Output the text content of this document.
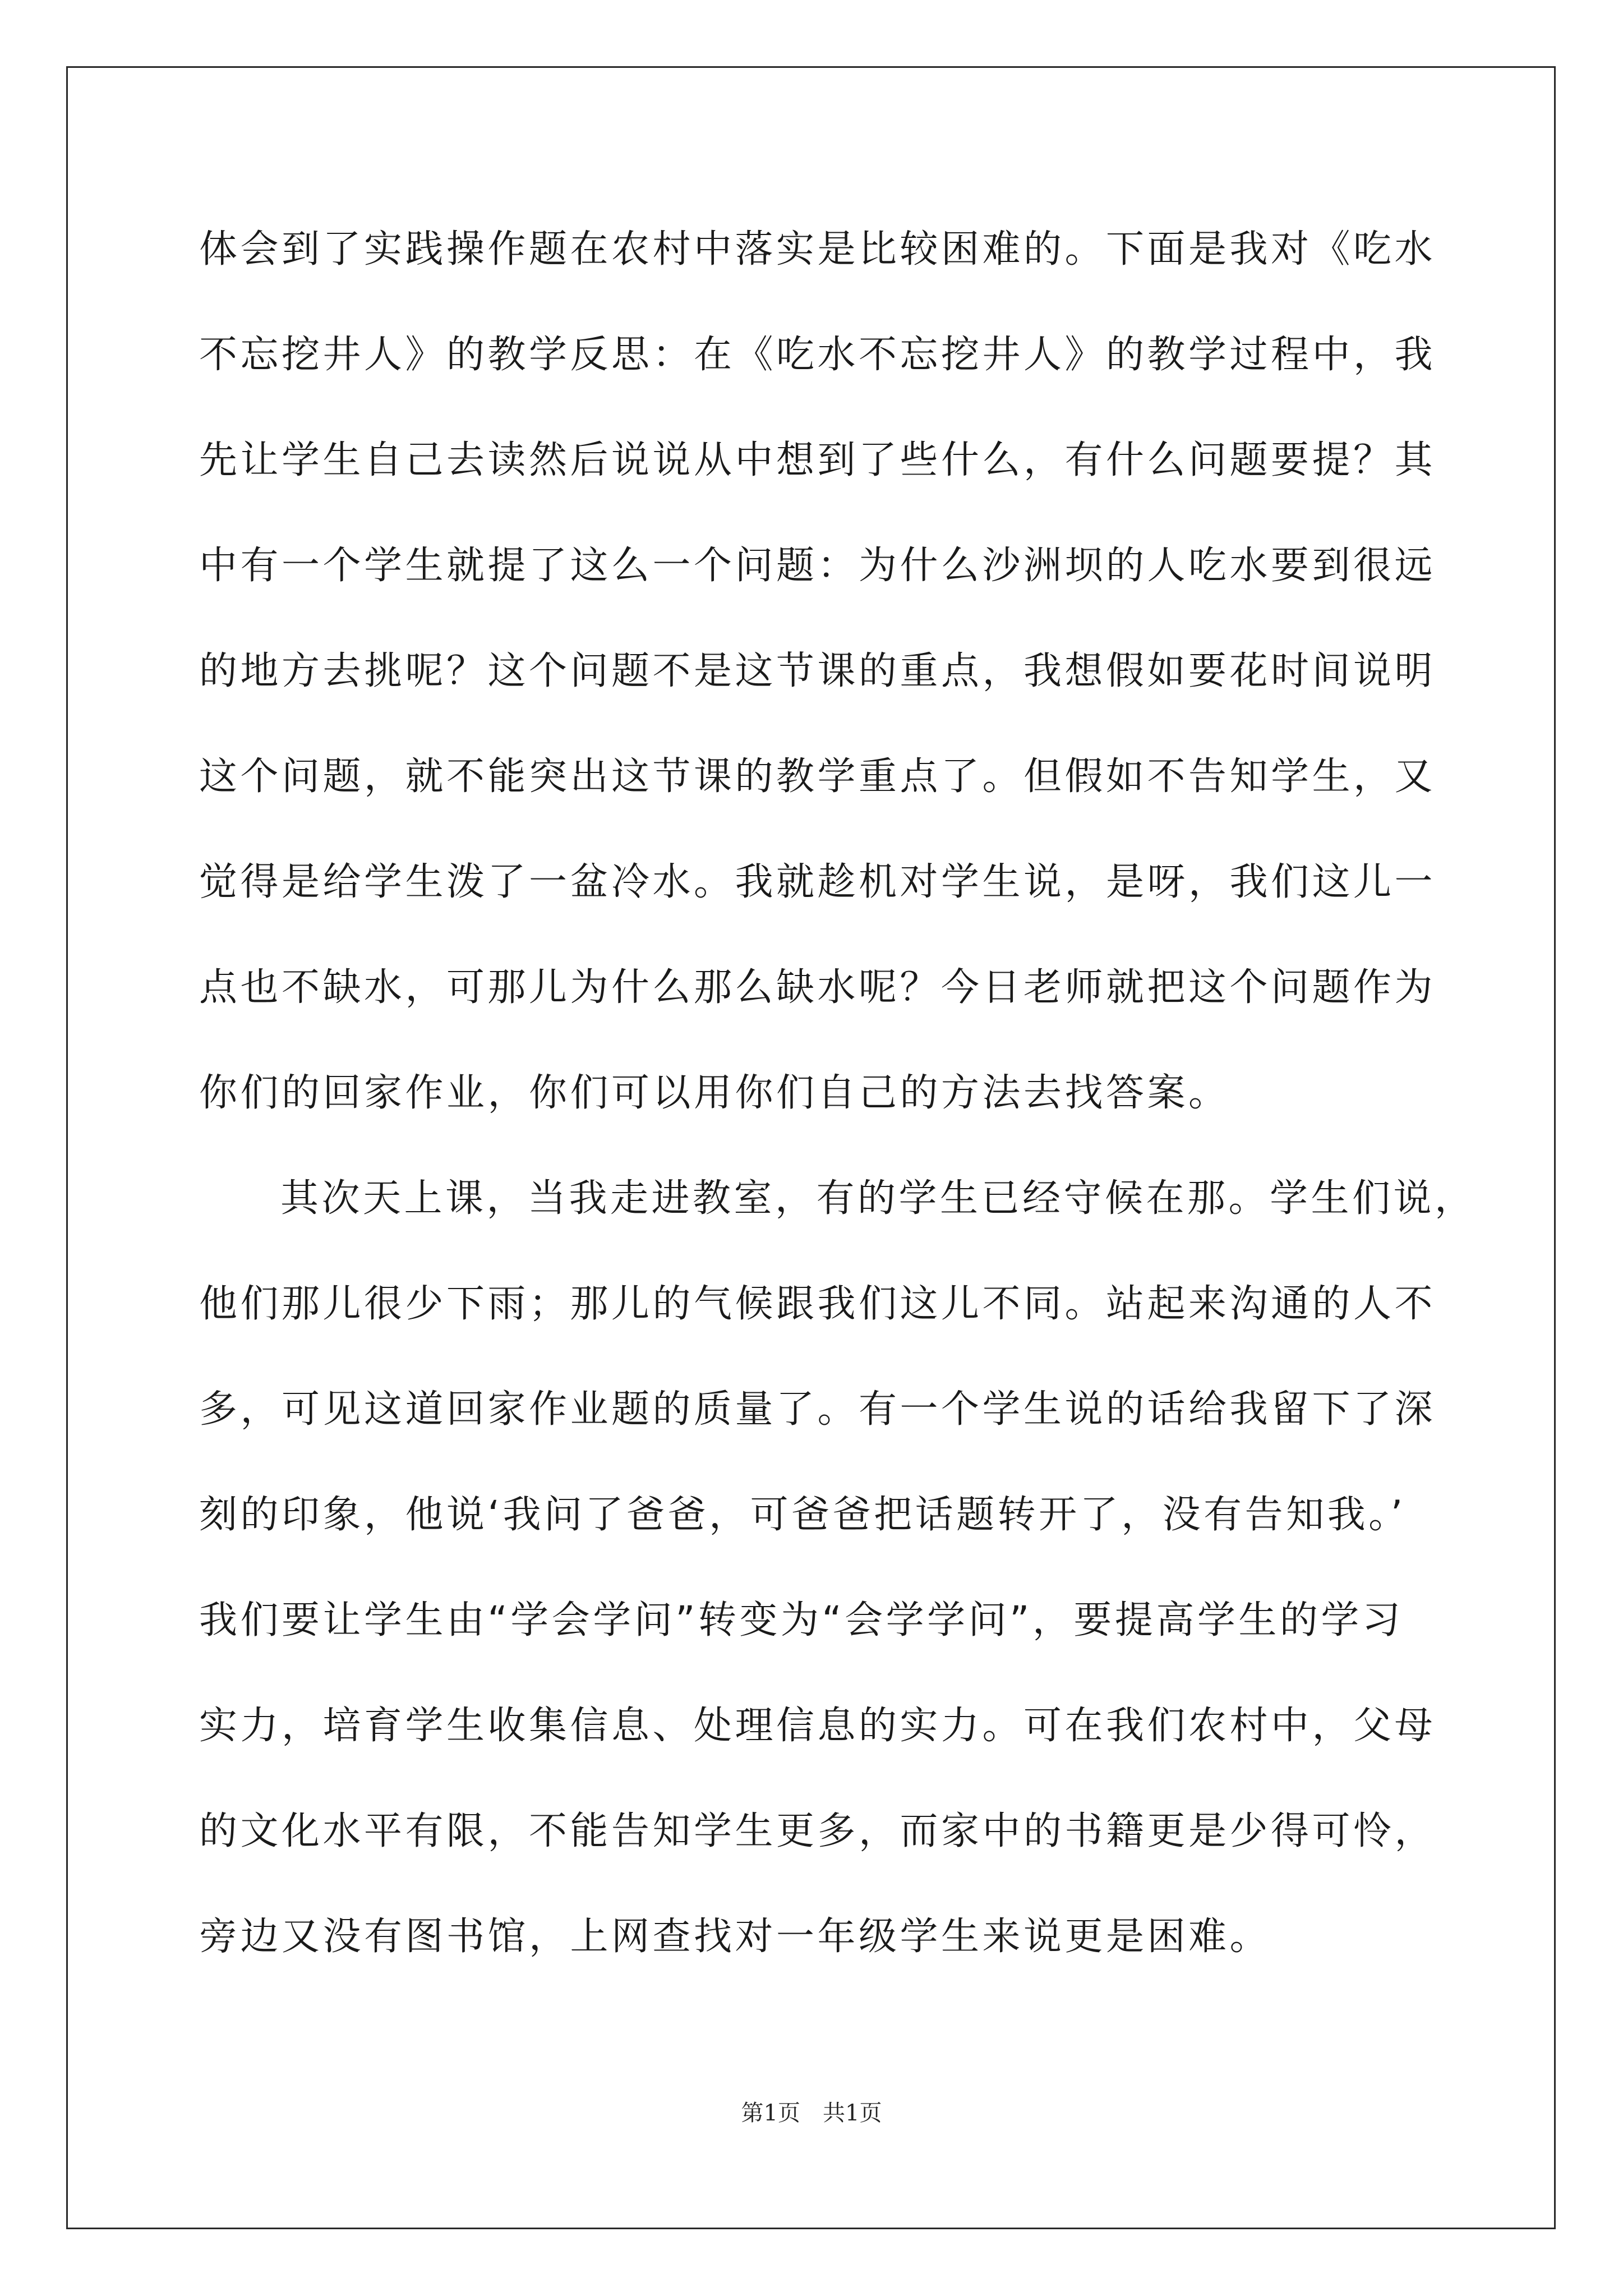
体会到了实践操作题在农村中落实是比较困难的。下面是我对《吃水
不忘挖井人》的教学反思：在《吃水不忘挖井人》的教学过程中，我
先让学生自己去读然后说说从中想到了些什么，有什么问题要提？其
中有一个学生就提了这么一个问题：为什么沙洲坝的人吃水要到很远
的地方去挑呢？这个问题不是这节课的重点，我想假如要花时间说明
这个问题，就不能突出这节课的教学重点了。但假如不告知学生，又
觉得是给学生泼了一盆冷水。我就趁机对学生说，是呀，我们这儿一
点也不缺水，可那儿为什么那么缺水呢？今日老师就把这个问题作为
你们的回家作业，你们可以用你们自己的方法去找答案。
其次天上课，当我走进教室，有的学生已经守候在那。学生们说，
他们那儿很少下雨；那儿的气候跟我们这儿不同。站起来沟通的人不
多，可见这道回家作业题的质量了。有一个学生说的话给我留下了深
刻的印象，他说‘我问了爸爸，可爸爸把话题转开了，没有告知我。’
我们要让学生由“学会学问”转变为“会学学问”，要提高学生的学习
实力，培育学生收集信息、处理信息的实力。可在我们农村中，父母
的文化水平有限，不能告知学生更多，而家中的书籍更是少得可怜，
旁边又没有图书馆，上网查找对一年级学生来说更是困难。
第1页 共1页
